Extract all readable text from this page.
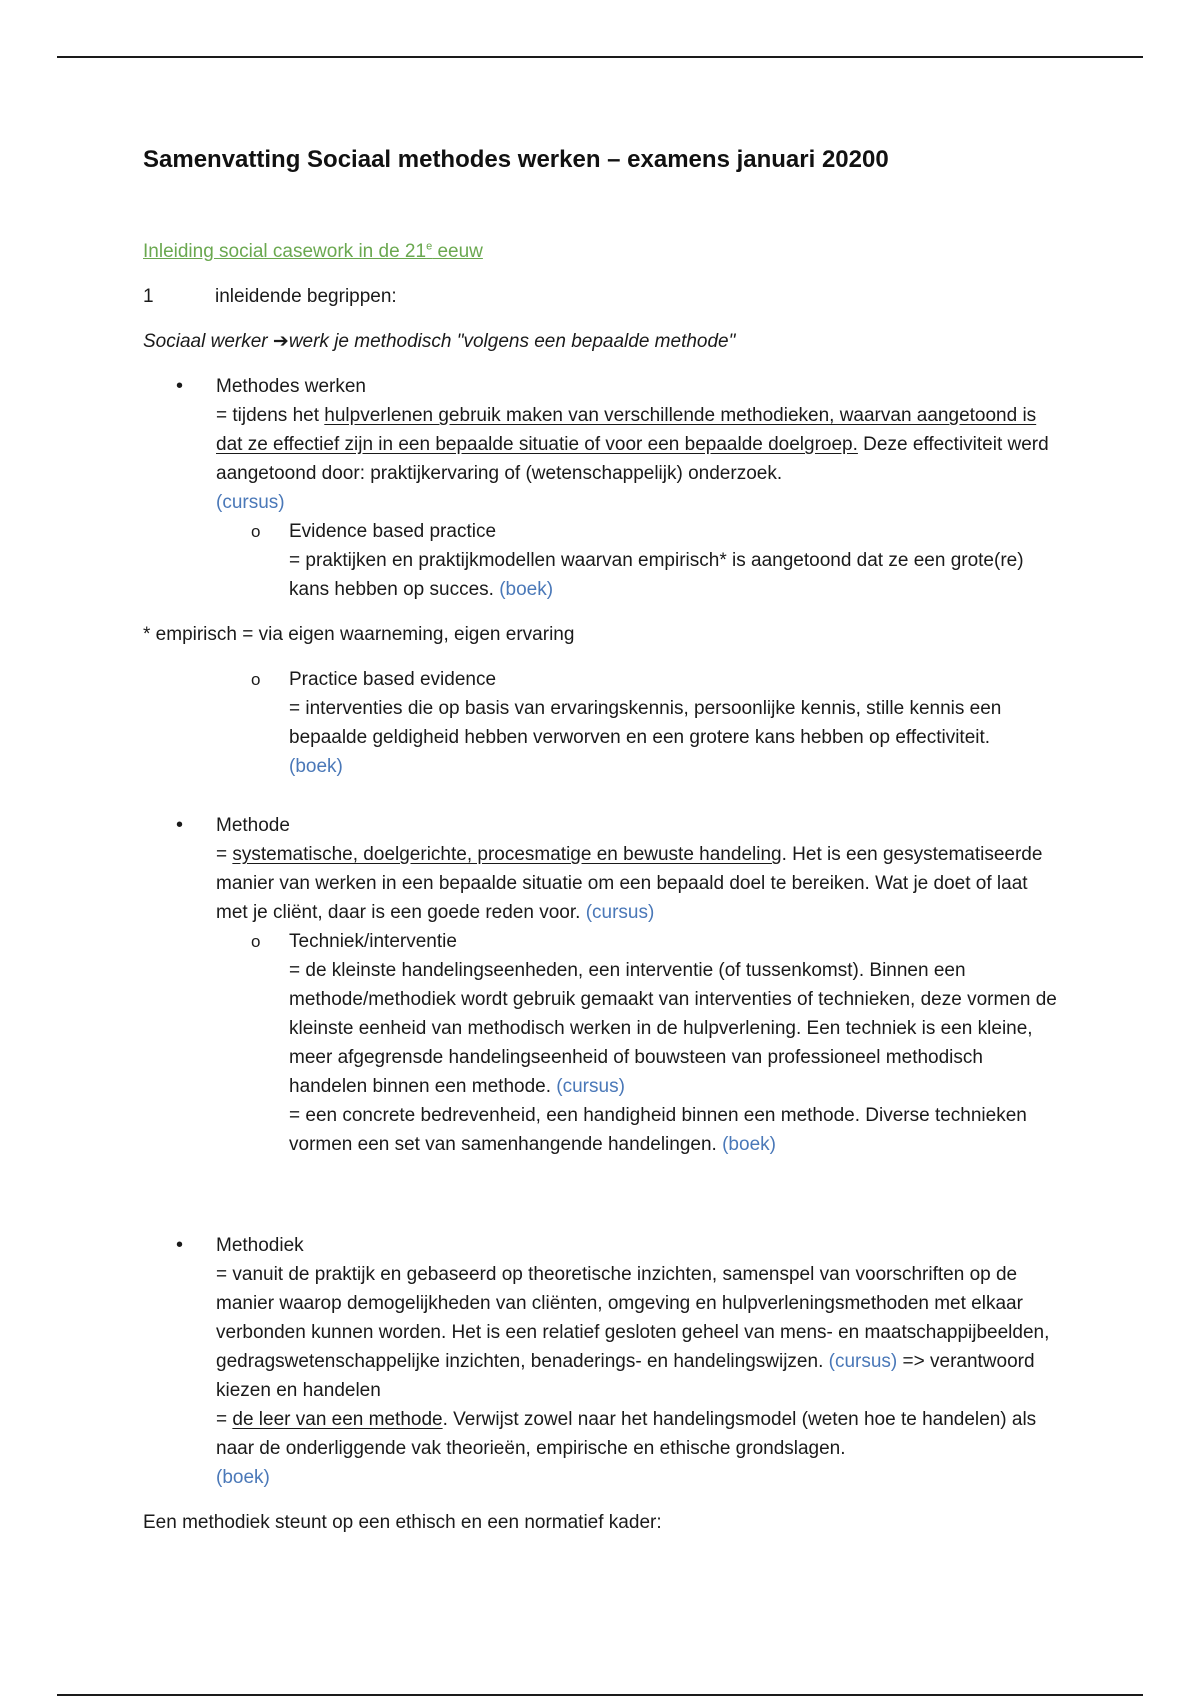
Samenvatting Sociaal methodes werken – examens januari 20200
Inleiding social casework in de 21e eeuw
1	inleidende begrippen:
Sociaal werker ➔werk je methodisch "volgens een bepaalde methode"
• Methodes werken
= tijdens het hulpverlenen gebruik maken van verschillende methodieken, waarvan aangetoond is dat ze effectief zijn in een bepaalde situatie of voor een bepaalde doelgroep. Deze effectiviteit werd aangetoond door: praktijkervaring of (wetenschappelijk) onderzoek.
(cursus)
o Evidence based practice
= praktijken en praktijkmodellen waarvan empirisch* is aangetoond dat ze een grote(re) kans hebben op succes. (boek)
* empirisch = via eigen waarneming, eigen ervaring
o Practice based evidence
= interventies die op basis van ervaringskennis, persoonlijke kennis, stille kennis een bepaalde geldigheid hebben verworven en een grotere kans hebben op effectiviteit.
(boek)
• Methode
= systematische, doelgerichte, procesmatige en bewuste handeling. Het is een gesystematiseerde manier van werken in een bepaalde situatie om een bepaald doel te bereiken. Wat je doet of laat met je cliënt, daar is een goede reden voor. (cursus)
o Techniek/interventie
= de kleinste handelingseenheden, een interventie (of tussenkomst). Binnen een methode/methodiek wordt gebruik gemaakt van interventies of technieken, deze vormen de kleinste eenheid van methodisch werken in de hulpverlening. Een techniek is een kleine, meer afgegrensde handelingseenheid of bouwsteen van professioneel methodisch handelen binnen een methode. (cursus)
= een concrete bedrevenheid, een handigheid binnen een methode. Diverse technieken vormen een set van samenhangende handelingen. (boek)
• Methodiek
= vanuit de praktijk en gebaseerd op theoretische inzichten, samenspel van voorschriften op de manier waarop demogelijkheden van cliënten, omgeving en hulpverleningsmethoden met elkaar verbonden kunnen worden. Het is een relatief gesloten geheel van mens- en maatschappijbeelden, gedragswetenschappelijke inzichten, benaderings- en handelingswijzen. (cursus) => verantwoord kiezen en handelen
= de leer van een methode. Verwijst zowel naar het handelingsmodel (weten hoe te handelen) als naar de onderliggende vak theorieën, empirische en ethische grondslagen.
(boek)
Een methodiek steunt op een ethisch en een normatief kader:
